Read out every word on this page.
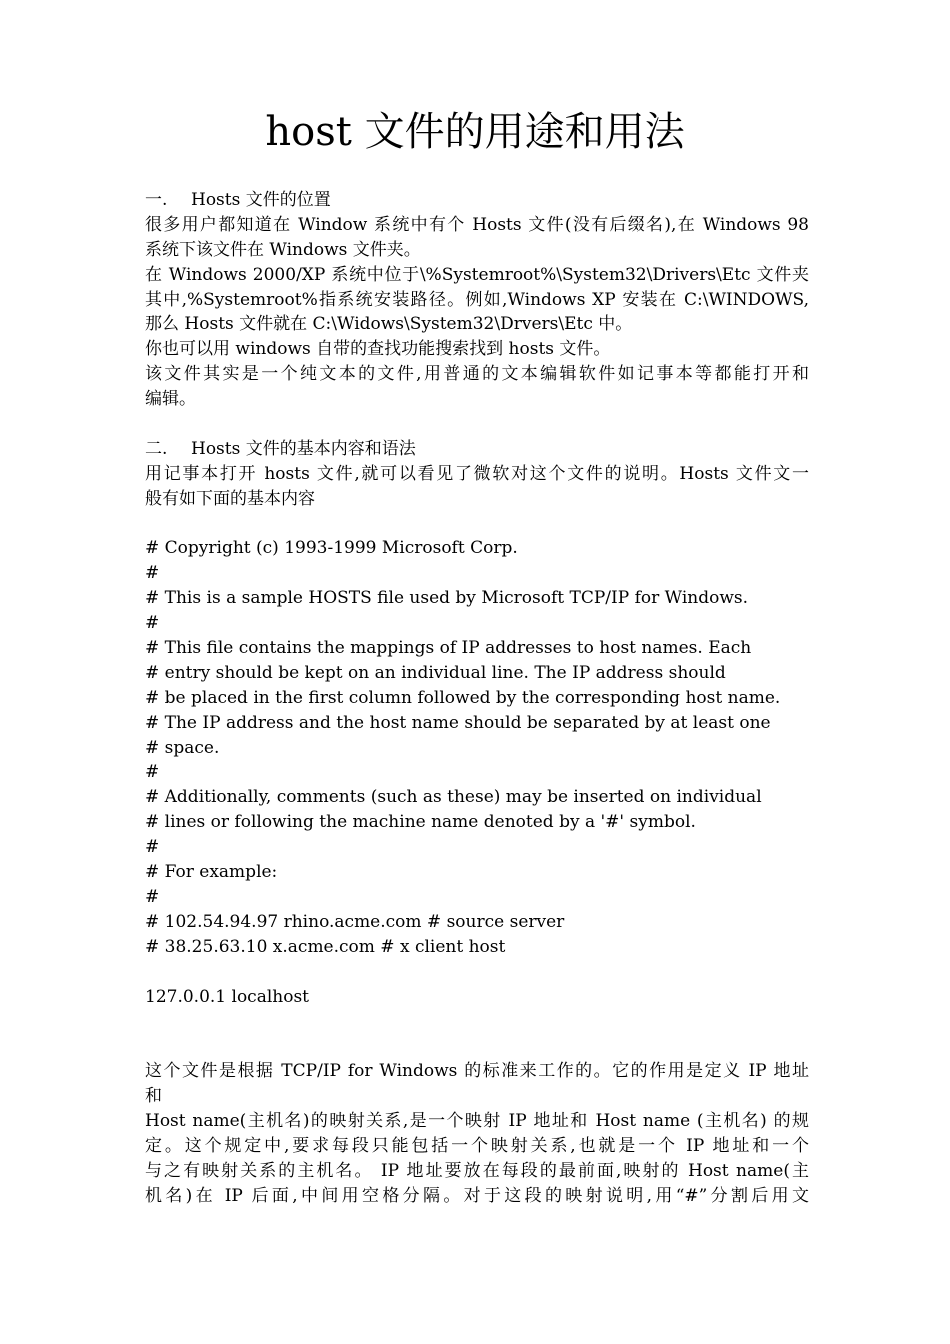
host 文件的用途和用法
一. Hosts 文件的位置
很多用户都知道在 Window 系统中有个 Hosts 文件(没有后缀名),在 Windows 98
系统下该文件在 Windows 文件夹。
在 Windows 2000/XP 系统中位于\%Systemroot%\System32\Drivers\Etc 文件夹
其中,%Systemroot%指系统安装路径。例如,Windows XP 安装在 C:\WINDOWS,
那么 Hosts 文件就在 C:\Widows\System32\Drvers\Etc 中。
你也可以用 windows 自带的查找功能搜索找到 hosts 文件。
该文件其实是一个纯文本的文件,用普通的文本编辑软件如记事本等都能打开和
编辑。
二. Hosts 文件的基本内容和语法
用记事本打开 hosts 文件,就可以看见了微软对这个文件的说明。Hosts 文件文一
般有如下面的基本内容
# Copyright (c) 1993-1999 Microsoft Corp.
#
# This is a sample HOSTS file used by Microsoft TCP/IP for Windows.
#
# This file contains the mappings of IP addresses to host names. Each
# entry should be kept on an individual line. The IP address should
# be placed in the first column followed by the corresponding host name.
# The IP address and the host name should be separated by at least one
# space.
#
# Additionally, comments (such as these) may be inserted on individual
# lines or following the machine name denoted by a '#' symbol.
#
# For example:
#
# 102.54.94.97 rhino.acme.com # source server
# 38.25.63.10 x.acme.com # x client host
127.0.0.1 localhost
这个文件是根据 TCP/IP for Windows 的标准来工作的。它的作用是定义 IP 地址
和
Host name(主机名)的映射关系,是一个映射 IP 地址和 Host name (主机名) 的规
定。这个规定中,要求每段只能包括一个映射关系,也就是一个 IP 地址和一个
与之有映射关系的主机名。 IP 地址要放在每段的最前面,映射的 Host name(主
机名)在 IP 后面,中间用空格分隔。对于这段的映射说明,用“#”分割后用文
